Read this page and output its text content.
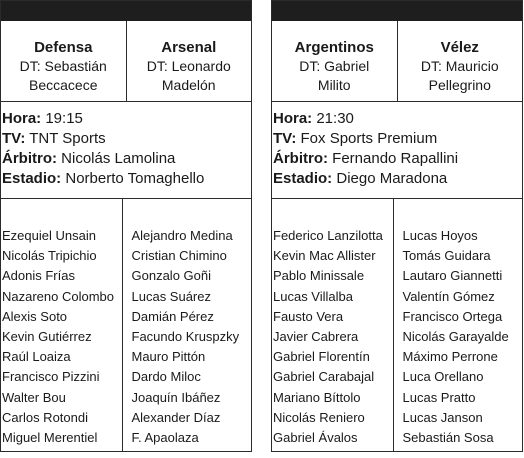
Defensa
DT: Sebastián
Beccacece
Arsenal
DT: Leonardo
Madelón
Hora: 19:15
TV: TNT Sports
Árbitro: Nicolás Lamolina
Estadio: Norberto Tomaghello
Ezequiel Unsain
Nicolás Tripichio
Adonis Frías
Nazareno Colombo
Alexis Soto
Kevin Gutiérrez
Raúl Loaiza
Francisco Pizzini
Walter Bou
Carlos Rotondi
Miguel Merentiel
Alejandro Medina
Cristian Chimino
Gonzalo Goñi
Lucas Suárez
Damián Pérez
Facundo Kruspzky
Mauro Pittón
Dardo Miloc
Joaquín Ibáñez
Alexander Díaz
F. Apaolaza
Argentinos
DT: Gabriel
Milito
Vélez
DT: Mauricio
Pellegrino
Hora: 21:30
TV: Fox Sports Premium
Árbitro: Fernando Rapallini
Estadio: Diego Maradona
Federico Lanzilotta
Kevin Mac Allister
Pablo Minissale
Lucas Villalba
Fausto Vera
Javier Cabrera
Gabriel Florentín
Gabriel Carabajal
Mariano Bíttolo
Nicolás Reniero
Gabriel Ávalos
Lucas Hoyos
Tomás Guidara
Lautaro Giannetti
Valentín Gómez
Francisco Ortega
Nicolás Garayalde
Máximo Perrone
Luca Orellano
Lucas Pratto
Lucas Janson
Sebastián Sosa
